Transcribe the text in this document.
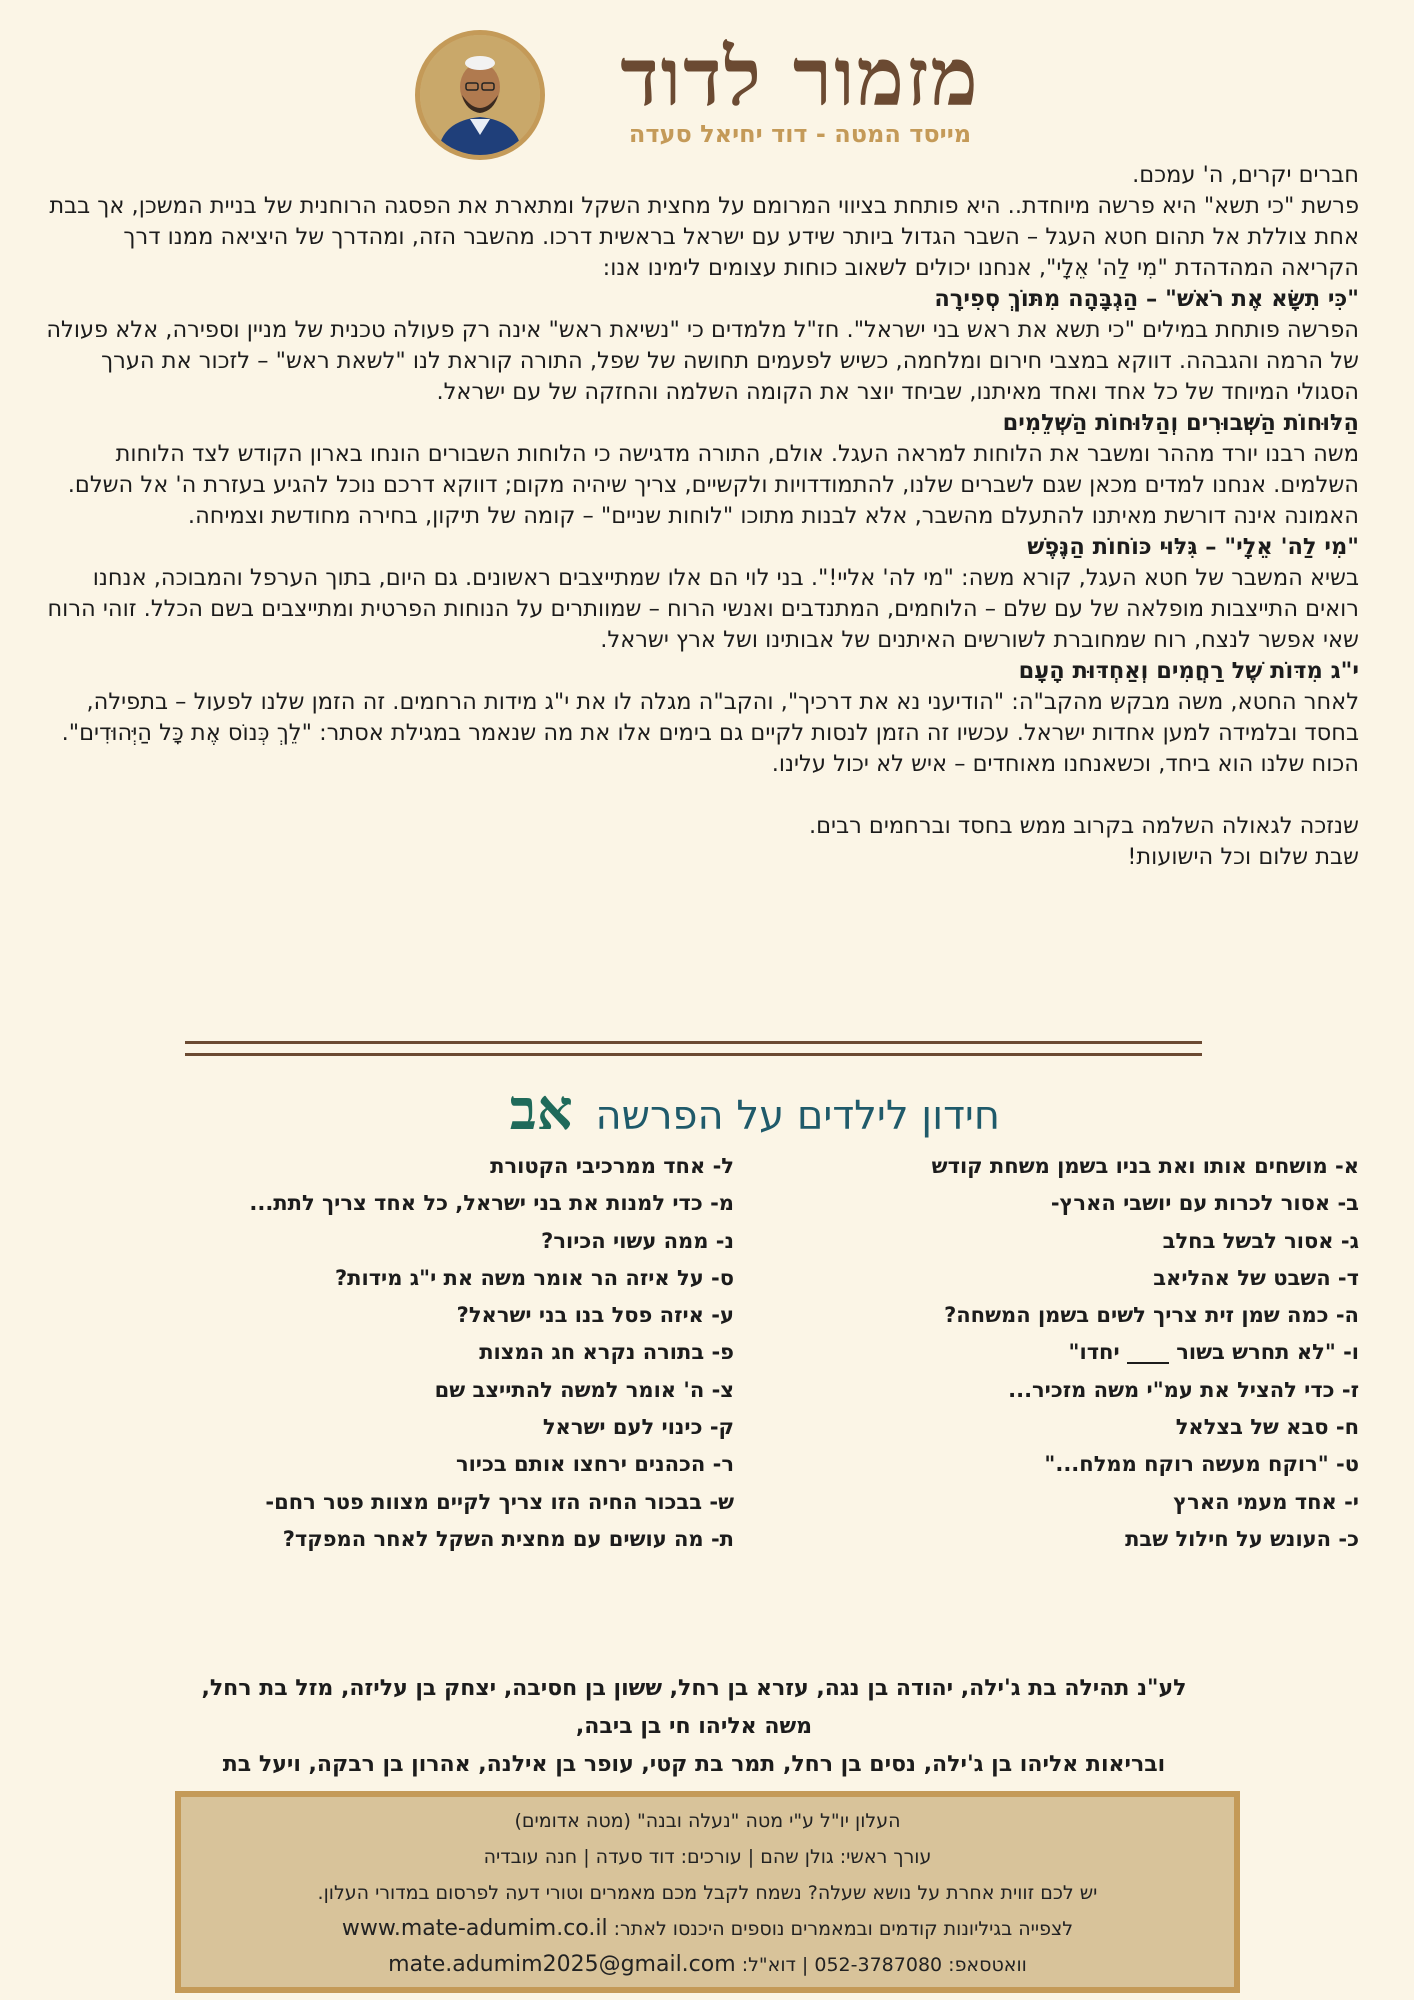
מזמור לדוד
מייסד המטה - דוד יחיאל סעדה

חברים יקרים, ה' עמכם.

פרשת "כי תשא" היא פרשה מיוחדת.. היא פותחת בציווי המרומם על מחצית השקל ומתארת את הפסגה הרוחנית של בניית המשכן, אך בבת אחת צוללת אל תהום חטא העגל – השבר הגדול ביותר שידע עם ישראל בראשית דרכו. מהשבר הזה, ומהדרך של היציאה ממנו דרך הקריאה המהדהדת "מִי לַה' אֵלָי", אנחנו יכולים לשאוב כוחות עצומים לימינו אנו:

"כִּי תִשָּׂא אֶת רֹאשׁ" – הַגְבָּהָה מִתּוֹךְ סְפִירָה

הפרשה פותחת במילים "כי תשא את ראש בני ישראל". חז"ל מלמדים כי "נשיאת ראש" אינה רק פעולה טכנית של מניין וספירה, אלא פעולה של הרמה והגבהה. דווקא במצבי חירום ומלחמה, כשיש לפעמים תחושה של שפל, התורה קוראת לנו "לשאת ראש" – לזכור את הערך הסגולי המיוחד של כל אחד ואחד מאיתנו, שביחד יוצר את הקומה השלמה והחזקה של עם ישראל.

הַלּוּחוֹת הַשְּׁבוּרִים וְהַלּוּחוֹת הַשְּׁלֵמִים

משה רבנו יורד מההר ומשבר את הלוחות למראה העגל. אולם, התורה מדגישה כי הלוחות השבורים הונחו בארון הקודש לצד הלוחות השלמים. אנחנו למדים מכאן שגם לשברים שלנו, להתמודדויות ולקשיים, צריך שיהיה מקום; דווקא דרכם נוכל להגיע בעזרת ה' אל השלם. האמונה אינה דורשת מאיתנו להתעלם מהשבר, אלא לבנות מתוכו "לוחות שניים" – קומה של תיקון, בחירה מחודשת וצמיחה.

"מִי לַה' אֵלָי" – גִּלּוּי כּוֹחוֹת הַנֶּפֶשׁ

בשיא המשבר של חטא העגל, קורא משה: "מי לה' אליי!". בני לוי הם אלו שמתייצבים ראשונים. גם היום, בתוך הערפל והמבוכה, אנחנו רואים התייצבות מופלאה של עם שלם – הלוחמים, המתנדבים ואנשי הרוח – שמוותרים על הנוחות הפרטית ומתייצבים בשם הכלל. זוהי הרוח שאי אפשר לנצח, רוח שמחוברת לשורשים האיתנים של אבותינו ושל ארץ ישראל.

י"ג מִדּוֹת שֶׁל רַחֲמִים וְאַחְדּוּת הָעָם

לאחר החטא, משה מבקש מהקב"ה: "הודיעני נא את דרכיך", והקב"ה מגלה לו את י"ג מידות הרחמים. זה הזמן שלנו לפעול – בתפילה, בחסד ובלמידה למען אחדות ישראל. עכשיו זה הזמן לנסות לקיים גם בימים אלו את מה שנאמר במגילת אסתר: "לֵךְ כְּנוֹס אֶת כָּל הַיְּהוּדִים". הכוח שלנו הוא ביחד, וכשאנחנו מאוחדים – איש לא יכול עלינו.

שנזכה לגאולה השלמה בקרוב ממש בחסד וברחמים רבים.

שבת שלום וכל הישועות!

חידון לילדים על הפרשה אב
א- מושחים אותו ואת בניו בשמן משחת קודש
ב- אסור לכרות עם יושבי הארץ-
ג- אסור לבשל בחלב
ד- השבט של אהליאב
ה- כמה שמן זית צריך לשים בשמן המשחה?
ו- "לא תחרש בשור ____ יחדו"
ז- כדי להציל את עמ"י משה מזכיר...
ח- סבא של בצלאל
ט- "רוקח מעשה רוקח ממלח..."
י- אחד מעמי הארץ
כ- העונש על חילול שבת
ל- אחד ממרכיבי הקטורת
מ- כדי למנות את בני ישראל, כל אחד צריך לתת...
נ- ממה עשוי הכיור?
ס- על איזה הר אומר משה את י"ג מידות?
ע- איזה פסל בנו בני ישראל?
פ- בתורה נקרא חג המצות
צ- ה' אומר למשה להתייצב שם
ק- כינוי לעם ישראל
ר- הכהנים ירחצו אותם בכיור
ש- בבכור החיה הזו צריך לקיים מצוות פטר רחם-
ת- מה עושים עם מחצית השקל לאחר המפקד?
לע"נ תהילה בת ג'ילה, יהודה בן נגה, עזרא בן רחל, ששון בן חסיבה, יצחק בן עליזה, מזל בת רחל, משה אליהו חי בן ביבה,
ובריאות אליהו בן ג'ילה, נסים בן רחל, תמר בת קטי, עופר בן אילנה, אהרון בן רבקה, ויעל בת
העלון יו"ל ע"י מטה "נעלה ובנה" (מטה אדומים)
עורך ראשי: גולן שהם | עורכים: דוד סעדה | חנה עובדיה
יש לכם זווית אחרת על נושא שעלה? נשמח לקבל מכם מאמרים וטורי דעה לפרסום במדורי העלון.
לצפייה בגיליונות קודמים ובמאמרים נוספים היכנסו לאתר: www.mate-adumim.co.il
וואטסאפ: 052-3787080 | דוא"ל: mate.adumim2025@gmail.com
